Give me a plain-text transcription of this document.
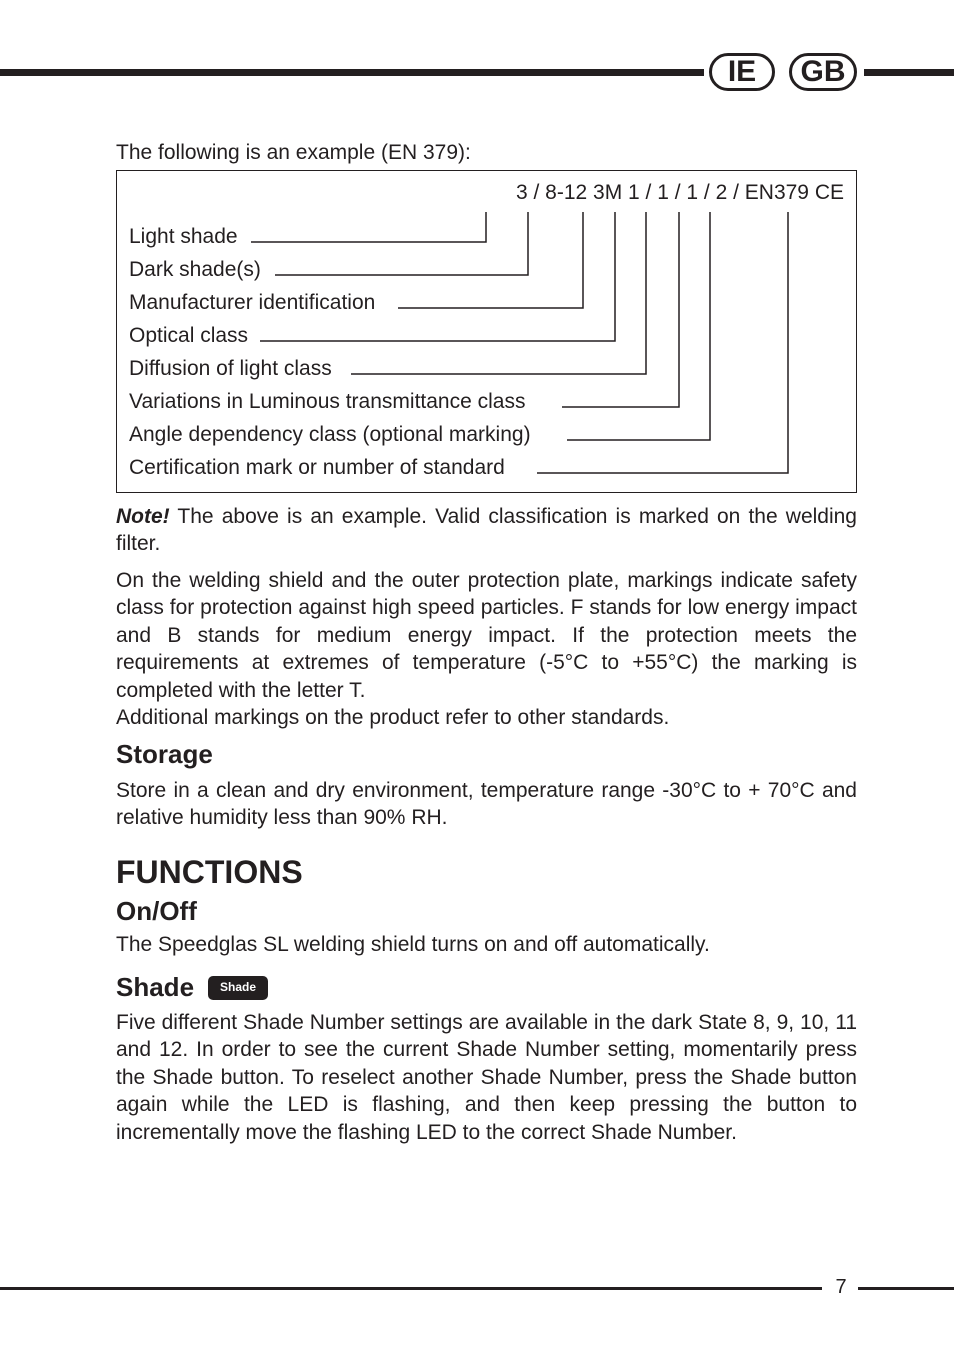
IE	GB
The following is an example (EN 379):
3 / 8-12 3M 1 / 1 / 1 / 2 / EN379 CE
Light shade
Dark shade(s)
Manufacturer identification
Optical class
Diffusion of light class
Variations in Luminous transmittance class
Angle dependency class (optional marking)
Certification mark or number of standard
Note! The above is an example. Valid classification is marked on the welding filter.
On the welding shield and the outer protection plate, markings indicate safety class for protection against high speed particles. F stands for low energy impact and B stands for medium energy impact. If the protection meets the requirements at extremes of temperature (-5°C to +55°C) the marking is completed with the letter T.
Additional markings on the product refer to other standards.
Storage
Store in a clean and dry environment, temperature range -30°C to + 70°C and relative humidity less than 90% RH.
FUNCTIONS
On/Off
The Speedglas SL welding shield turns on and off automatically.
Shade	Shade
Five different Shade Number settings are available in the dark State 8, 9, 10, 11 and 12. In order to see the current Shade Number setting, momentarily press the Shade button. To reselect another Shade Number, press the Shade button again while the LED is flashing, and then keep pressing the button to incrementally move the flashing LED to the correct Shade Number.
7
